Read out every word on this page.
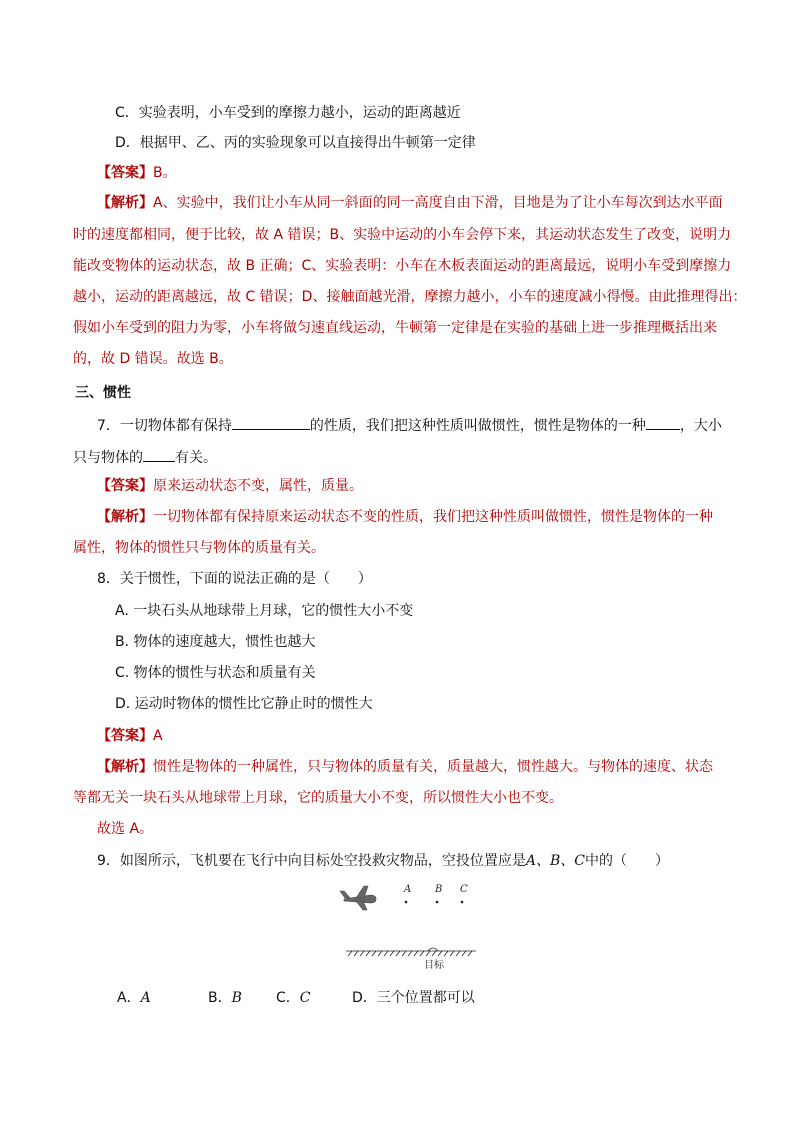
C．实验表明，小车受到的摩擦力越小，运动的距离越近
D．根据甲、乙、丙的实验现象可以直接得出牛顿第一定律
【答案】B。
【解析】A、实验中，我们让小车从同一斜面的同一高度自由下滑，目地是为了让小车每次到达水平面
时的速度都相同，便于比较，故 A 错误；B、实验中运动的小车会停下来，其运动状态发生了改变，说明力
能改变物体的运动状态，故 B 正确；C、实验表明：小车在木板表面运动的距离最远，说明小车受到摩擦力
越小，运动的距离越远，故 C 错误；D、接触面越光滑，摩擦力越小，小车的速度减小得慢。由此推理得出：
假如小车受到的阻力为零，小车将做匀速直线运动，牛顿第一定律是在实验的基础上进一步推理概括出来
的，故 D 错误。故选 B。
三、惯性
7．一切物体都有保持	的性质，我们把这种性质叫做惯性，惯性是物体的一种 ，大小
只与物体的 有关。
【答案】原来运动状态不变，属性，质量。
【解析】一切物体都有保持原来运动状态不变的性质，我们把这种性质叫做惯性，惯性是物体的一种
属性，物体的惯性只与物体的质量有关。
8．关于惯性，下面的说法正确的是（　　）
A. 一块石头从地球带上月球，它的惯性大小不变
B. 物体的速度越大，惯性也越大
C. 物体的惯性与状态和质量有关
D. 运动时物体的惯性比它静止时的惯性大
【答案】A
【解析】惯性是物体的一种属性，只与物体的质量有关，质量越大，惯性越大。与物体的速度、状态
等都无关一块石头从地球带上月球，它的质量大小不变，所以惯性大小也不变。
故选 A。
9．如图所示，飞机要在飞行中向目标处空投救灾物品，空投位置应是A、B、C中的（　　）
A B C
目标
A．A	B．B C．C	D．三个位置都可以
